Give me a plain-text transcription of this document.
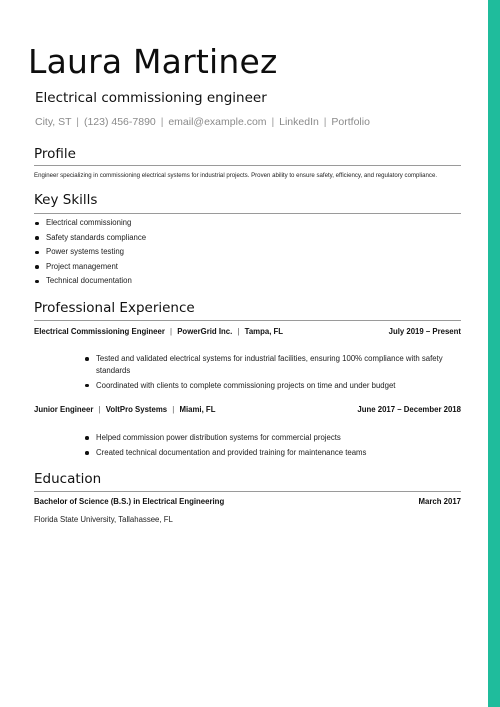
Laura Martinez
Electrical commissioning engineer
City, ST | (123) 456-7890 | email@example.com | LinkedIn | Portfolio
Profile
Engineer specializing in commissioning electrical systems for industrial projects. Proven ability to ensure safety, efficiency, and regulatory compliance.
Key Skills
Electrical commissioning
Safety standards compliance
Power systems testing
Project management
Technical documentation
Professional Experience
Electrical Commissioning Engineer | PowerGrid Inc. | Tampa, FL	July 2019 – Present
Tested and validated electrical systems for industrial facilities, ensuring 100% compliance with safety standards
Coordinated with clients to complete commissioning projects on time and under budget
Junior Engineer | VoltPro Systems | Miami, FL	June 2017 – December 2018
Helped commission power distribution systems for commercial projects
Created technical documentation and provided training for maintenance teams
Education
Bachelor of Science (B.S.) in Electrical Engineering	March 2017
Florida State University, Tallahassee, FL
